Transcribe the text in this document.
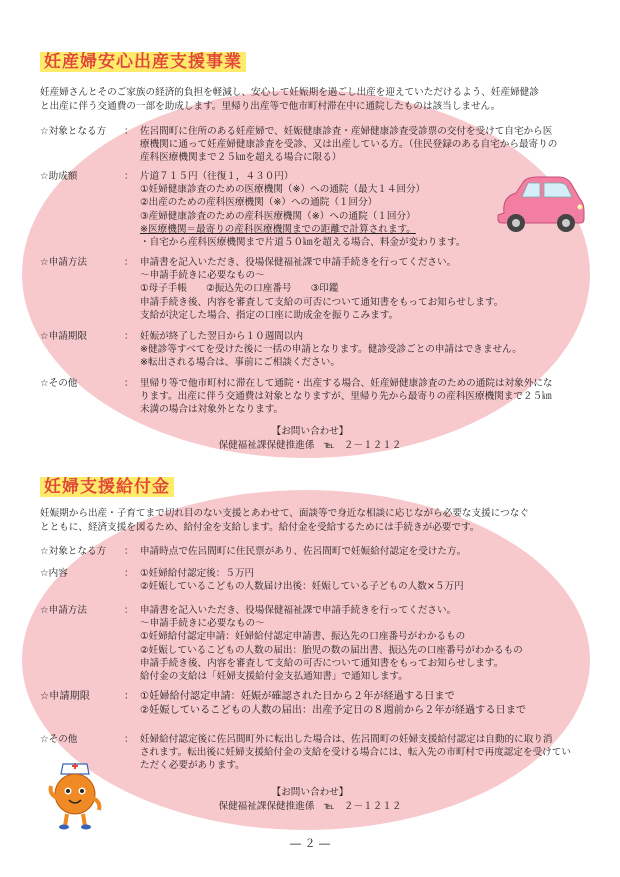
妊産婦安心出産支援事業
妊産婦さんとそのご家族の経済的負担を軽減し、安心して妊娠期を過ごし出産を迎えていただけるよう、妊産婦健診
と出産に伴う交通費の一部を助成します。里帰り出産等で他市町村滞在中に通院したものは該当しません。
☆対象となる方	： 佐呂間町に住所のある妊産婦で、妊娠健康診査・産婦健康診査受診票の交付を受けて自宅から医
療機関に通って妊産婦健康診査を受診、又は出産している方。（住民登録のある自宅から最寄りの
産科医療機関まで２５㎞を超える場合に限る）
☆助成額	： 片道７１５円（往復１，４３０円）
①妊婦健康診査のための医療機関（※）への通院（最大１４回分）
②出産のための産科医療機関（※）への通院（１回分）
③産婦健康診査のための産科医療機関（※）への通院（１回分）
※医療機関＝最寄りの産科医療機関までの距離で計算されます。
・自宅から産科医療機関まで片道５０㎞を超える場合、料金が変わります。
☆申請方法	： 申請書を記入いただき、役場保健福祉課で申請手続きを行ってください。
～申請手続きに必要なもの～
①母子手帳　　②振込先の口座番号　　③印鑑
申請手続き後、内容を審査して支給の可否について通知書をもってお知らせします。
支給が決定した場合、指定の口座に助成金を振りこみます。
☆申請期限	： 妊娠が終了した翌日から１０週間以内
※健診等すべてを受けた後に一括の申請となります。健診受診ごとの申請はできません。
※転出される場合は、事前にご相談ください。
☆その他	： 里帰り等で他市町村に滞在して通院・出産する場合、妊産婦健康診査のための通院は対象外にな
ります。出産に伴う交通費は対象となりますが、里帰り先から最寄りの産科医療機関まで２５㎞
未満の場合は対象外となります。
【お問い合わせ】
保健福祉課保健推進係　℡　２－１２１２
妊婦支援給付金
妊娠期から出産・子育てまで切れ目のない支援とあわせて、面談等で身近な相談に応じながら必要な支援につなぐ
とともに、経済支援を図るため、給付金を支給します。給付金を受給するためには手続きが必要です。
☆対象となる方	： 申請時点で佐呂間町に住民票があり、佐呂間町で妊娠給付認定を受けた方。
☆内容	： ①妊婦給付認定後：５万円
②妊娠しているこどもの人数届け出後：妊娠している子どもの人数×５万円
☆申請方法	： 申請書を記入いただき、役場保健福祉課で申請手続きを行ってください。
～申請手続きに必要なもの～
①妊婦給付認定申請：妊婦給付認定申請書、振込先の口座番号がわかるもの
②妊娠しているこどもの人数の届出：胎児の数の届出書、振込先の口座番号がわかるもの
申請手続き後、内容を審査して支給の可否について通知書をもってお知らせします。
給付金の支給は「妊婦支援給付金支払通知書」で通知します。
☆申請期限	： ①妊婦給付認定申請：妊娠が確認された日から２年が経過する日まで
②妊娠しているこどもの人数の届出：出産予定日の８週前から２年が経過する日まで
☆その他	： 妊婦給付認定後に佐呂間町外に転出した場合は、佐呂間町の妊婦支援給付認定は自動的に取り消
されます。転出後に妊婦支援給付金の支給を受ける場合には、転入先の市町村で再度認定を受けてい
ただく必要があります。
【お問い合わせ】
保健福祉課保健推進係　℡　２－１２１２
― ２ ―
